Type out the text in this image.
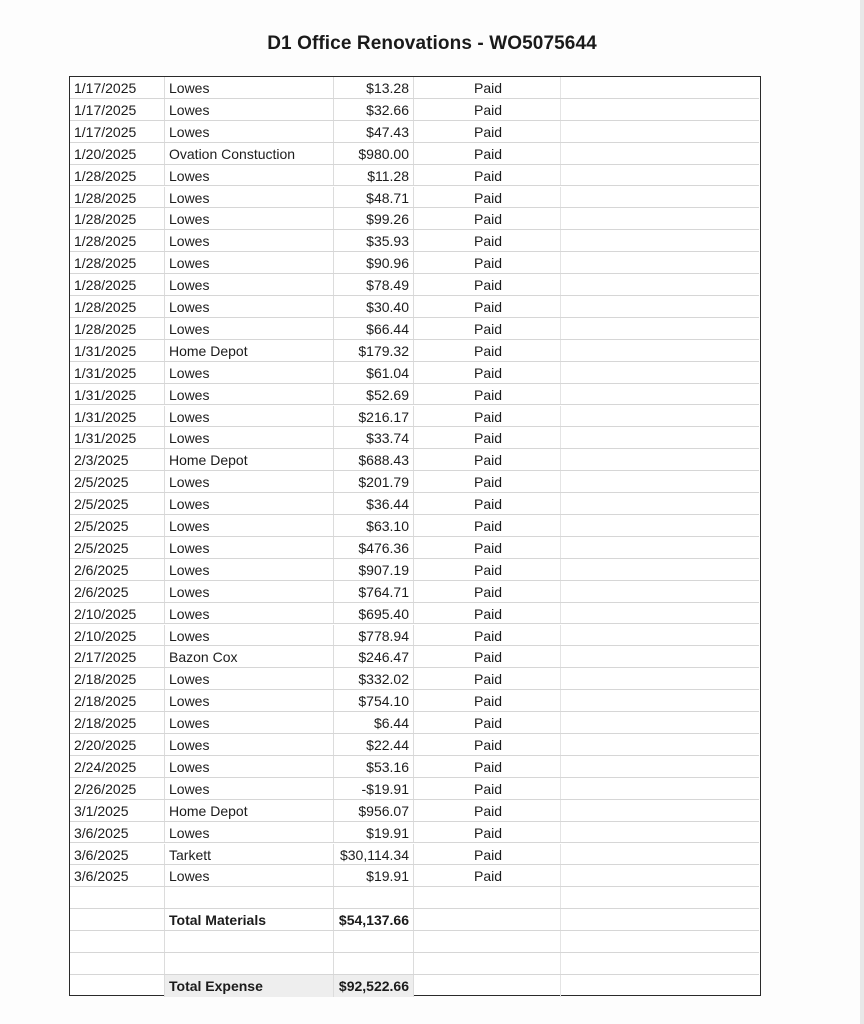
D1 Office Renovations - WO5075644
1/17/2025	Lowes	$13.28	Paid
1/17/2025	Lowes	$32.66	Paid
1/17/2025	Lowes	$47.43	Paid
1/20/2025	Ovation Constuction	$980.00	Paid
1/28/2025	Lowes	$11.28	Paid
1/28/2025	Lowes	$48.71	Paid
1/28/2025	Lowes	$99.26	Paid
1/28/2025	Lowes	$35.93	Paid
1/28/2025	Lowes	$90.96	Paid
1/28/2025	Lowes	$78.49	Paid
1/28/2025	Lowes	$30.40	Paid
1/28/2025	Lowes	$66.44	Paid
1/31/2025	Home Depot	$179.32	Paid
1/31/2025	Lowes	$61.04	Paid
1/31/2025	Lowes	$52.69	Paid
1/31/2025	Lowes	$216.17	Paid
1/31/2025	Lowes	$33.74	Paid
2/3/2025	Home Depot	$688.43	Paid
2/5/2025	Lowes	$201.79	Paid
2/5/2025	Lowes	$36.44	Paid
2/5/2025	Lowes	$63.10	Paid
2/5/2025	Lowes	$476.36	Paid
2/6/2025	Lowes	$907.19	Paid
2/6/2025	Lowes	$764.71	Paid
2/10/2025	Lowes	$695.40	Paid
2/10/2025	Lowes	$778.94	Paid
2/17/2025	Bazon Cox	$246.47	Paid
2/18/2025	Lowes	$332.02	Paid
2/18/2025	Lowes	$754.10	Paid
2/18/2025	Lowes	$6.44	Paid
2/20/2025	Lowes	$22.44	Paid
2/24/2025	Lowes	$53.16	Paid
2/26/2025	Lowes	-$19.91	Paid
3/1/2025	Home Depot	$956.07	Paid
3/6/2025	Lowes	$19.91	Paid
3/6/2025	Tarkett	$30,114.34	Paid
3/6/2025	Lowes	$19.91	Paid
Total Materials	$54,137.66
Total Expense	$92,522.66
